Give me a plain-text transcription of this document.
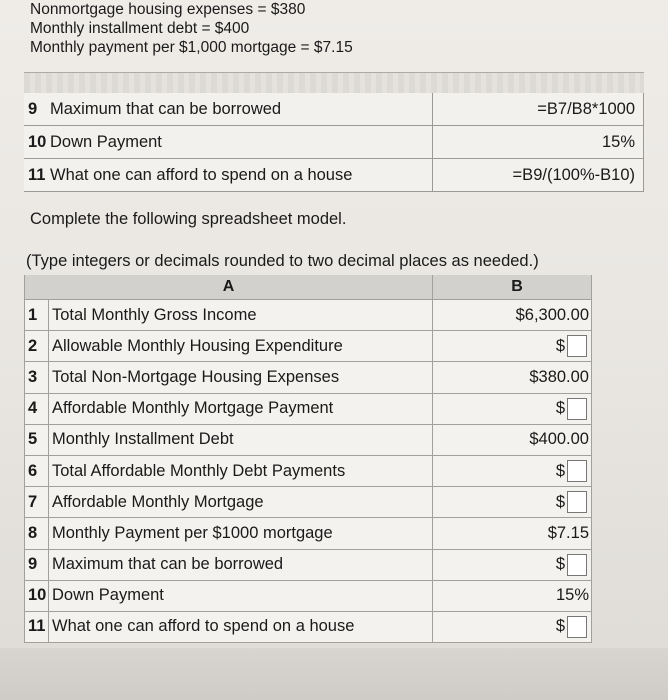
Nonmortgage housing expenses = $380
Monthly installment debt = $400
Monthly payment per $1,000 mortgage = $7.15
9 Maximum that can be borrowed	=B7/B8*1000
10 Down Payment	15%
11 What one can afford to spend on a house	=B9/(100%-B10)
Complete the following spreadsheet model.
(Type integers or decimals rounded to two decimal places as needed.)
A	B
1 Total Monthly Gross Income	$6,300.00
2 Allowable Monthly Housing Expenditure	$
3 Total Non-Mortgage Housing Expenses	$380.00
4 Affordable Monthly Mortgage Payment	$
5 Monthly Installment Debt	$400.00
6 Total Affordable Monthly Debt Payments	$
7 Affordable Monthly Mortgage	$
8 Monthly Payment per $1000 mortgage	$7.15
9 Maximum that can be borrowed	$
10 Down Payment	15%
11 What one can afford to spend on a house	$
